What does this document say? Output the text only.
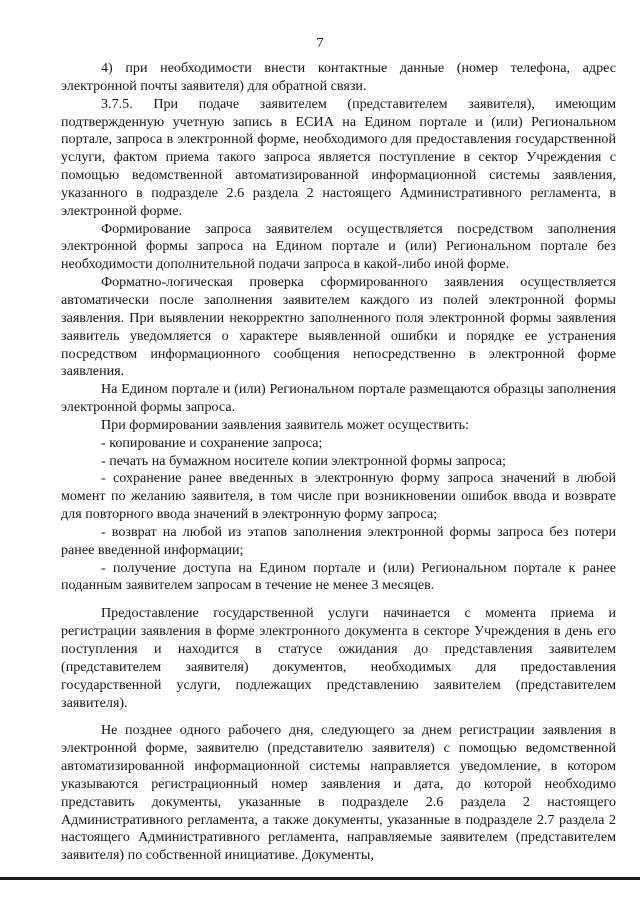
7

4) при необходимости внести контактные данные (номер телефона, адрес электронной почты заявителя) для обратной связи.

3.7.5. При подаче заявителем (представителем заявителя), имеющим подтвержденную учетную запись в ЕСИА на Едином портале и (или) Региональном портале, запроса в электронной форме, необходимого для предоставления государственной услуги, фактом приема такого запроса является поступление в сектор Учреждения с помощью ведомственной автоматизированной информационной системы заявления, указанного в подразделе 2.6 раздела 2 настоящего Административного регламента, в электронной форме.

Формирование запроса заявителем осуществляется посредством заполнения электронной формы запроса на Едином портале и (или) Региональном портале без необходимости дополнительной подачи запроса в какой-либо иной форме.

Форматно-логическая проверка сформированного заявления осуществляется автоматически после заполнения заявителем каждого из полей электронной формы заявления. При выявлении некорректно заполненного поля электронной формы заявления заявитель уведомляется о характере выявленной ошибки и порядке ее устранения посредством информационного сообщения непосредственно в электронной форме заявления.

На Едином портале и (или) Региональном портале размещаются образцы заполнения электронной формы запроса.

При формировании заявления заявитель может осуществить:

- копирование и сохранение запроса;

- печать на бумажном носителе копии электронной формы запроса;

- сохранение ранее введенных в электронную форму запроса значений в любой момент по желанию заявителя, в том числе при возникновении ошибок ввода и возврате для повторного ввода значений в электронную форму запроса;

- возврат на любой из этапов заполнения электронной формы запроса без потери ранее введенной информации;

- получение доступа на Едином портале и (или) Региональном портале к ранее поданным заявителем запросам в течение не менее 3 месяцев.

Предоставление государственной услуги начинается с момента приема и регистрации заявления в форме электронного документа в секторе Учреждения в день его поступления и находится в статусе ожидания до представления заявителем (представителем заявителя) документов, необходимых для предоставления государственной услуги, подлежащих представлению заявителем (представителем заявителя).

Не позднее одного рабочего дня, следующего за днем регистрации заявления в электронной форме, заявителю (представителю заявителя) с помощью ведомственной автоматизированной информационной системы направляется уведомление, в котором указываются регистрационный номер заявления и дата, до которой необходимо представить документы, указанные в подразделе 2.6 раздела 2 настоящего Административного регламента, а также документы, указанные в подразделе 2.7 раздела 2 настоящего Административного регламента, направляемые заявителем (представителем заявителя) по собственной инициативе. Документы,
